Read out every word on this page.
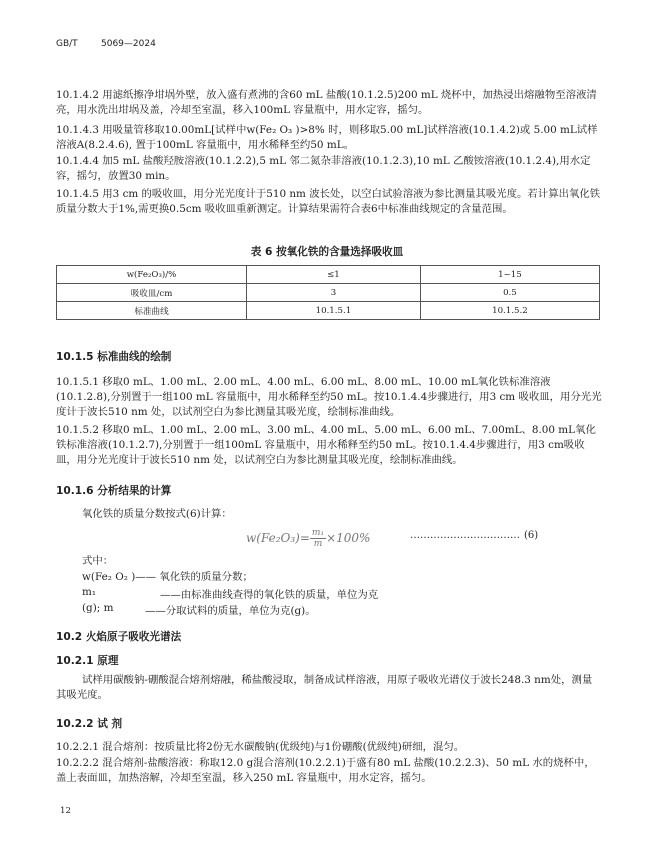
GB/T	5069—2024
10.1.4.2 用滤纸擦净坩埚外壁，放入盛有煮沸的含60 mL 盐酸(10.1.2.5)200 mL 烧杯中，加热浸出熔融物至溶液清亮，用水洗出坩埚及盖，冷却至室温，移入100mL 容量瓶中，用水定容，摇匀。
10.1.4.3 用吸量管移取10.00mL[试样中w(Fe₂ O₃ )>8% 时，则移取5.00 mL]试样溶液(10.1.4.2)或 5.00 mL试样溶液A(8.2.4.6), 置于100mL 容量瓶中，用水稀释至约50 mL。
10.1.4.4 加5 mL 盐酸羟胺溶液(10.1.2.2),5 mL 邻二氮杂菲溶液(10.1.2.3),10 mL 乙酸铵溶液(10.1.2.4),用水定容，摇匀，放置30 min。
10.1.4.5 用3 cm 的吸收皿，用分光光度计于510 nm 波长处，以空白试验溶液为参比测量其吸光度。若计算出氧化铁质量分数大于1%,需更换0.5cm 吸收皿重新测定。计算结果需符合表6中标准曲线规定的含量范围。
表 6 按氧化铁的含量选择吸收皿
w(Fe₂O₃)/%	≤1	1~15
吸收皿/cm	3	0.5
标准曲线	10.1.5.1	10.1.5.2
10.1.5 标准曲线的绘制
10.1.5.1 移取0 mL、1.00 mL、2.00 mL、4.00 mL、6.00 mL、8.00 mL、10.00 mL氧化铁标准溶液(10.1.2.8),分别置于一组100 mL 容量瓶中，用水稀释至约50 mL。按10.1.4.4步骤进行，用3 cm 吸收皿，用分光光度计于波长510 nm 处，以试剂空白为参比测量其吸光度，绘制标准曲线。
10.1.5.2 移取0 mL、1.00 mL、2.00 mL、3.00 mL、4.00 mL、5.00 mL、6.00 mL、7.00mL、8.00 mL氧化铁标准溶液(10.1.2.7),分别置于一组100mL 容量瓶中，用水稀释至约50 mL。按10.1.4.4步骤进行，用3 cm吸收皿，用分光光度计于波长510 nm 处，以试剂空白为参比测量其吸光度，绘制标准曲线。
10.1.6 分析结果的计算
氧化铁的质量分数按式(6)计算：
$w(Fe_2O_3)= \frac{\text{m₁}}{m} \times 100\%$	…………………………… (6)
式中：
w(Fe₂ O₂ )—— 氧化铁的质量分数；
m₁	——由标准曲线查得的氧化铁的质量，单位为克
(g); m	——分取试料的质量，单位为克(g)。
10.2 火焰原子吸收光谱法
10.2.1 原理
试样用碳酸钠-硼酸混合熔剂熔融，稀盐酸浸取，制备成试样溶液，用原子吸收光谱仪于波长248.3 nm处，测量其吸光度。
10.2.2 试 剂
10.2.2.1 混合熔剂：按质量比将2份无水碳酸钠(优级纯)与1份硼酸(优级纯)研细，混匀。
10.2.2.2 混合熔剂-盐酸溶液：称取12.0 g混合溶剂(10.2.2.1)于盛有80 mL 盐酸(10.2.2.3)、50 mL 水的烧杯中，盖上表面皿，加热溶解，冷却至室温，移入250 mL 容量瓶中，用水定容，摇匀。
12
